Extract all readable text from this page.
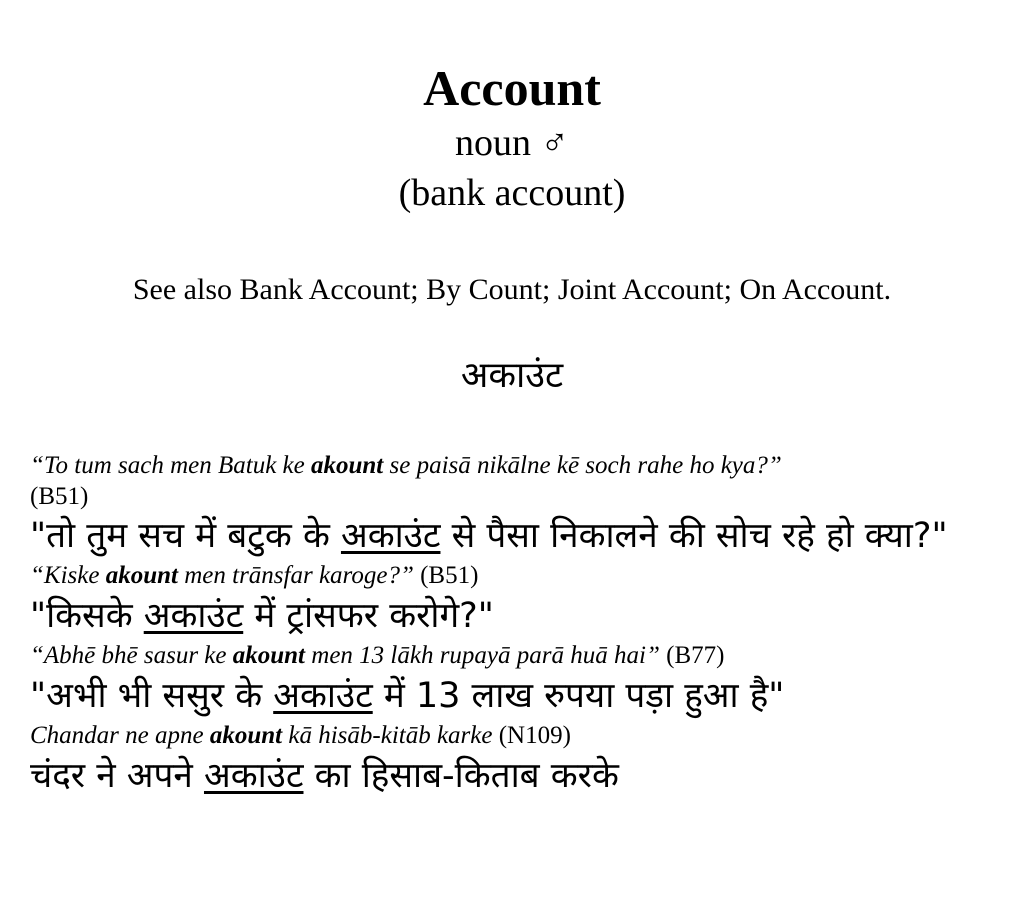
Account
noun ♂
(bank account)
See also Bank Account; By Count; Joint Account; On Account.
अकाउंट
“To tum sach men Batuk ke akount se paisā nikālne kē soch rahe ho kya?”
(B51)
"तो तुम सच में बटुक के अकाउंट से पैसा निकालने की सोच रहे हो क्या?"
“Kiske akount men trānsfar karoge?” (B51)
"किसके अकाउंट में ट्रांसफर करोगे?"
“Abhē bhē sasur ke akount men 13 lākh rupayā parā huā hai” (B77)
"अभी भी ससुर के अकाउंट में 13 लाख रुपया पड़ा हुआ है"
Chandar ne apne akount kā hisāb-kitāb karke (N109)
चंदर ने अपने अकाउंट का हिसाब-किताब करके
